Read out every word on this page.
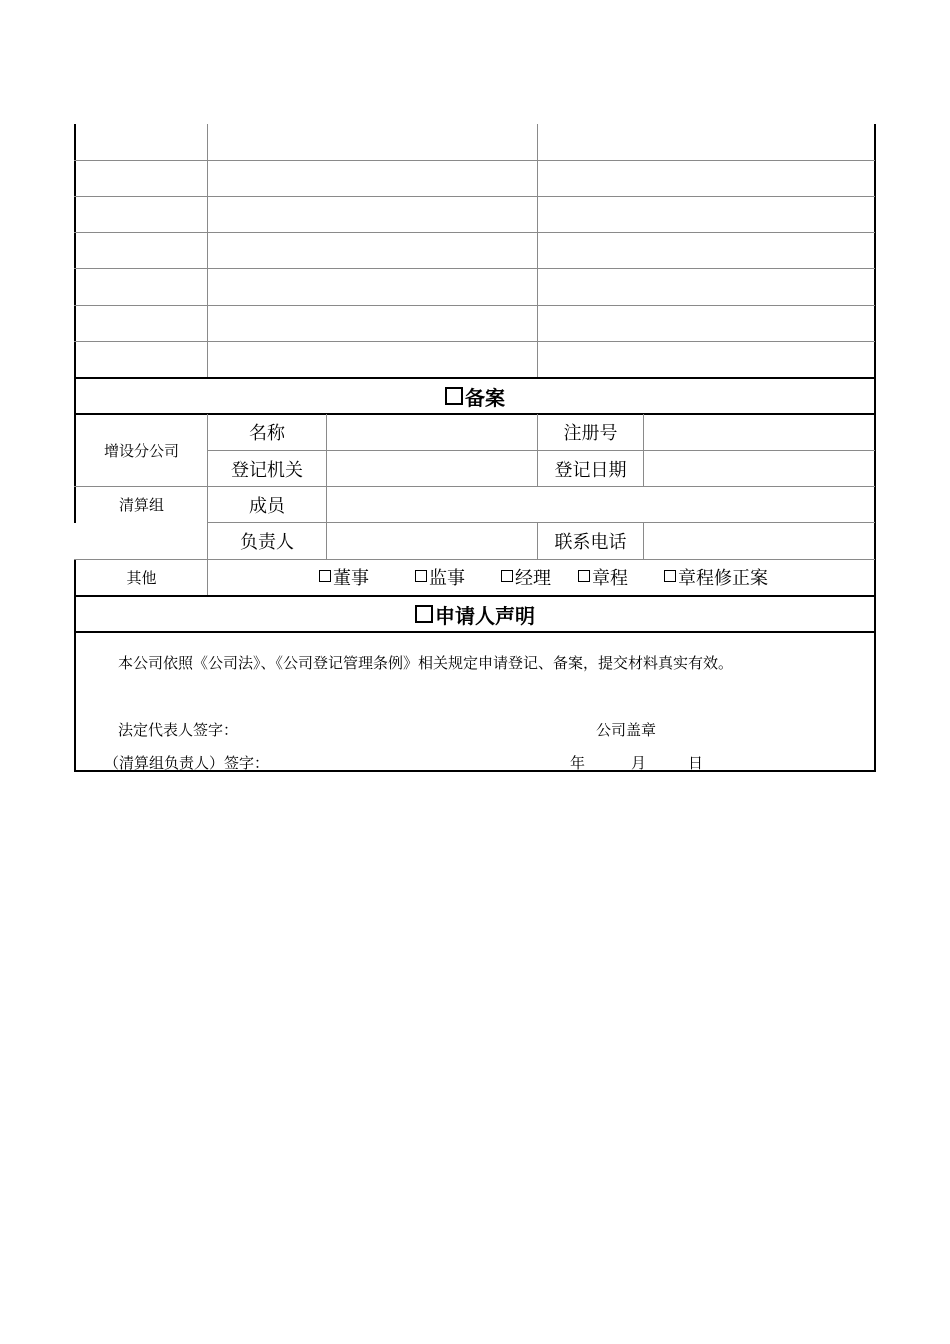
备案
增设分公司
名称	注册号
登记机关	登记日期
清算组	成员
负责人	联系电话
其他	董事	监事	经理 章程	章程修正案
申请人声明
本公司依照《公司法》、《公司登记管理条例》相关规定申请登记、备案，提交材料真实有效。
法定代表人签字：	公司盖章
（清算组负责人）签字：	年	月	日
